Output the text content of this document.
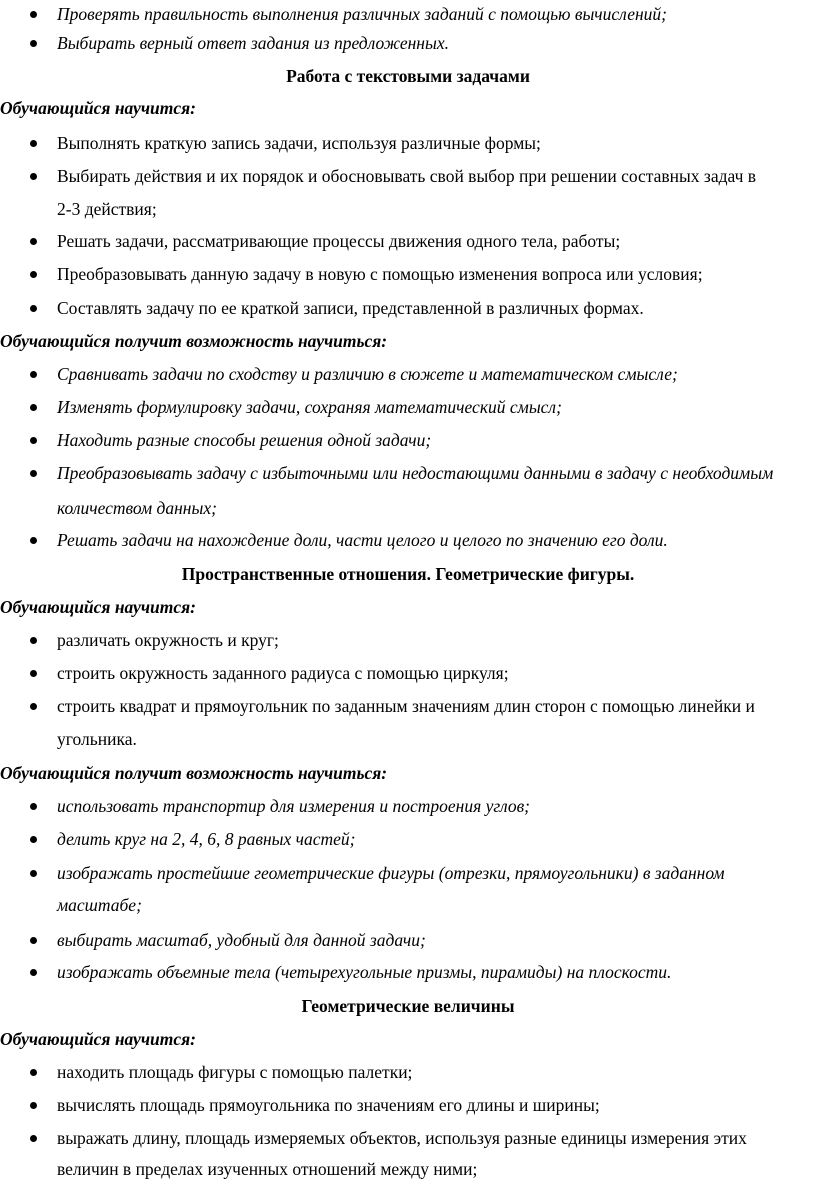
Проверять правильность выполнения различных заданий с помощью вычислений;
Выбирать верный ответ задания из предложенных.
Работа с текстовыми задачами
Обучающийся научится:
Выполнять краткую запись задачи, используя различные формы;
Выбирать действия и их порядок и обосновывать свой выбор при решении составных задач в
2-3 действия;
Решать задачи, рассматривающие процессы движения одного тела, работы;
Преобразовывать данную задачу в новую с помощью изменения вопроса или условия;
Составлять задачу по ее краткой записи, представленной в различных формах.
Обучающийся получит возможность научиться:
Сравнивать задачи по сходству и различию в сюжете и математическом смысле;
Изменять формулировку задачи, сохраняя математический смысл;
Находить разные способы решения одной задачи;
Преобразовывать задачу с избыточными или недостающими данными в задачу с необходимым
количеством данных;
Решать задачи на нахождение доли, части целого и целого по значению его доли.
Пространственные отношения. Геометрические фигуры.
Обучающийся научится:
различать окружность и круг;
строить окружность заданного радиуса с помощью циркуля;
строить квадрат и прямоугольник по заданным значениям длин сторон с помощью линейки и
угольника.
Обучающийся получит возможность научиться:
использовать транспортир для измерения и построения углов;
делить круг на 2, 4, 6, 8 равных частей;
изображать простейшие геометрические фигуры (отрезки, прямоугольники) в заданном
масштабе;
выбирать масштаб, удобный для данной задачи;
изображать объемные тела (четырехугольные призмы, пирамиды) на плоскости.
Геометрические величины
Обучающийся научится:
находить площадь фигуры с помощью палетки;
вычислять площадь прямоугольника по значениям его длины и ширины;
выражать длину, площадь измеряемых объектов, используя разные единицы измерения этих
величин в пределах изученных отношений между ними;
